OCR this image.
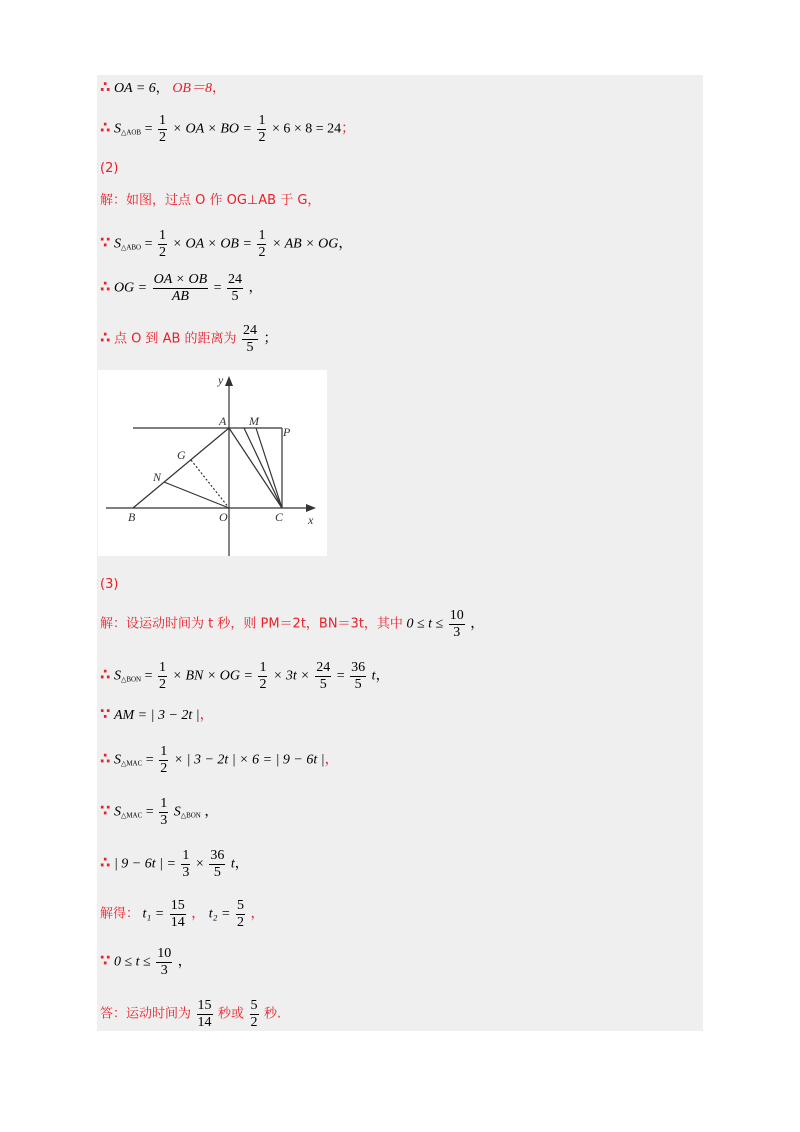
∴ OA = 6， OB＝8，
∴ $S_{\triangle AOB} = \frac{1}{2}$ × OA × BO = $\frac{1}{2} \times 6 \times 8 = 24$；
(2)
解：如图，过点 O 作 OG⊥AB 于 G，
∵ $S_{\triangle ABO} = \frac{1}{2}$ × OA × OB = $\frac{1}{2}$ × AB × OG，
∴ OG = $\frac{OA \times OB}{AB} = \frac{24}{5}$ ，
∴ 点 O 到 AB 的距离为 $\frac{24}{5}$ ；
y
x
A M
P
G
N
B	O	C
(3)
解：设运动时间为 t 秒，则 PM＝2t，BN＝3t，其中 $0 \le t \le \frac{10}{3}$ ，
∴ $S_{\triangle BON} = \frac{1}{2}$ × BN × OG = $\frac{1}{2} \times 3t \times \frac{24}{5} = \frac{36}{5}$ t，
∵ AM = | 3 − 2t |，
∴ $S_{\triangle MAC} = \frac{1}{2}$ × | 3 − 2t | × 6 = | 9 − 6t |，
∵ $S_{\triangle MAC} = \frac{1}{3} S_{\triangle BON}$ ，
∴ | 9 − 6t | = $\frac{1}{3} \times \frac{36}{5}$ t，
解得： $t_1 = \frac{15}{14}$ ， $t_2 = \frac{5}{2}$ ，
∵ $0 \le t \le \frac{10}{3}$ ，
答：运动时间为 $\frac{15}{14}$ 秒或 $\frac{5}{2}$ 秒.
